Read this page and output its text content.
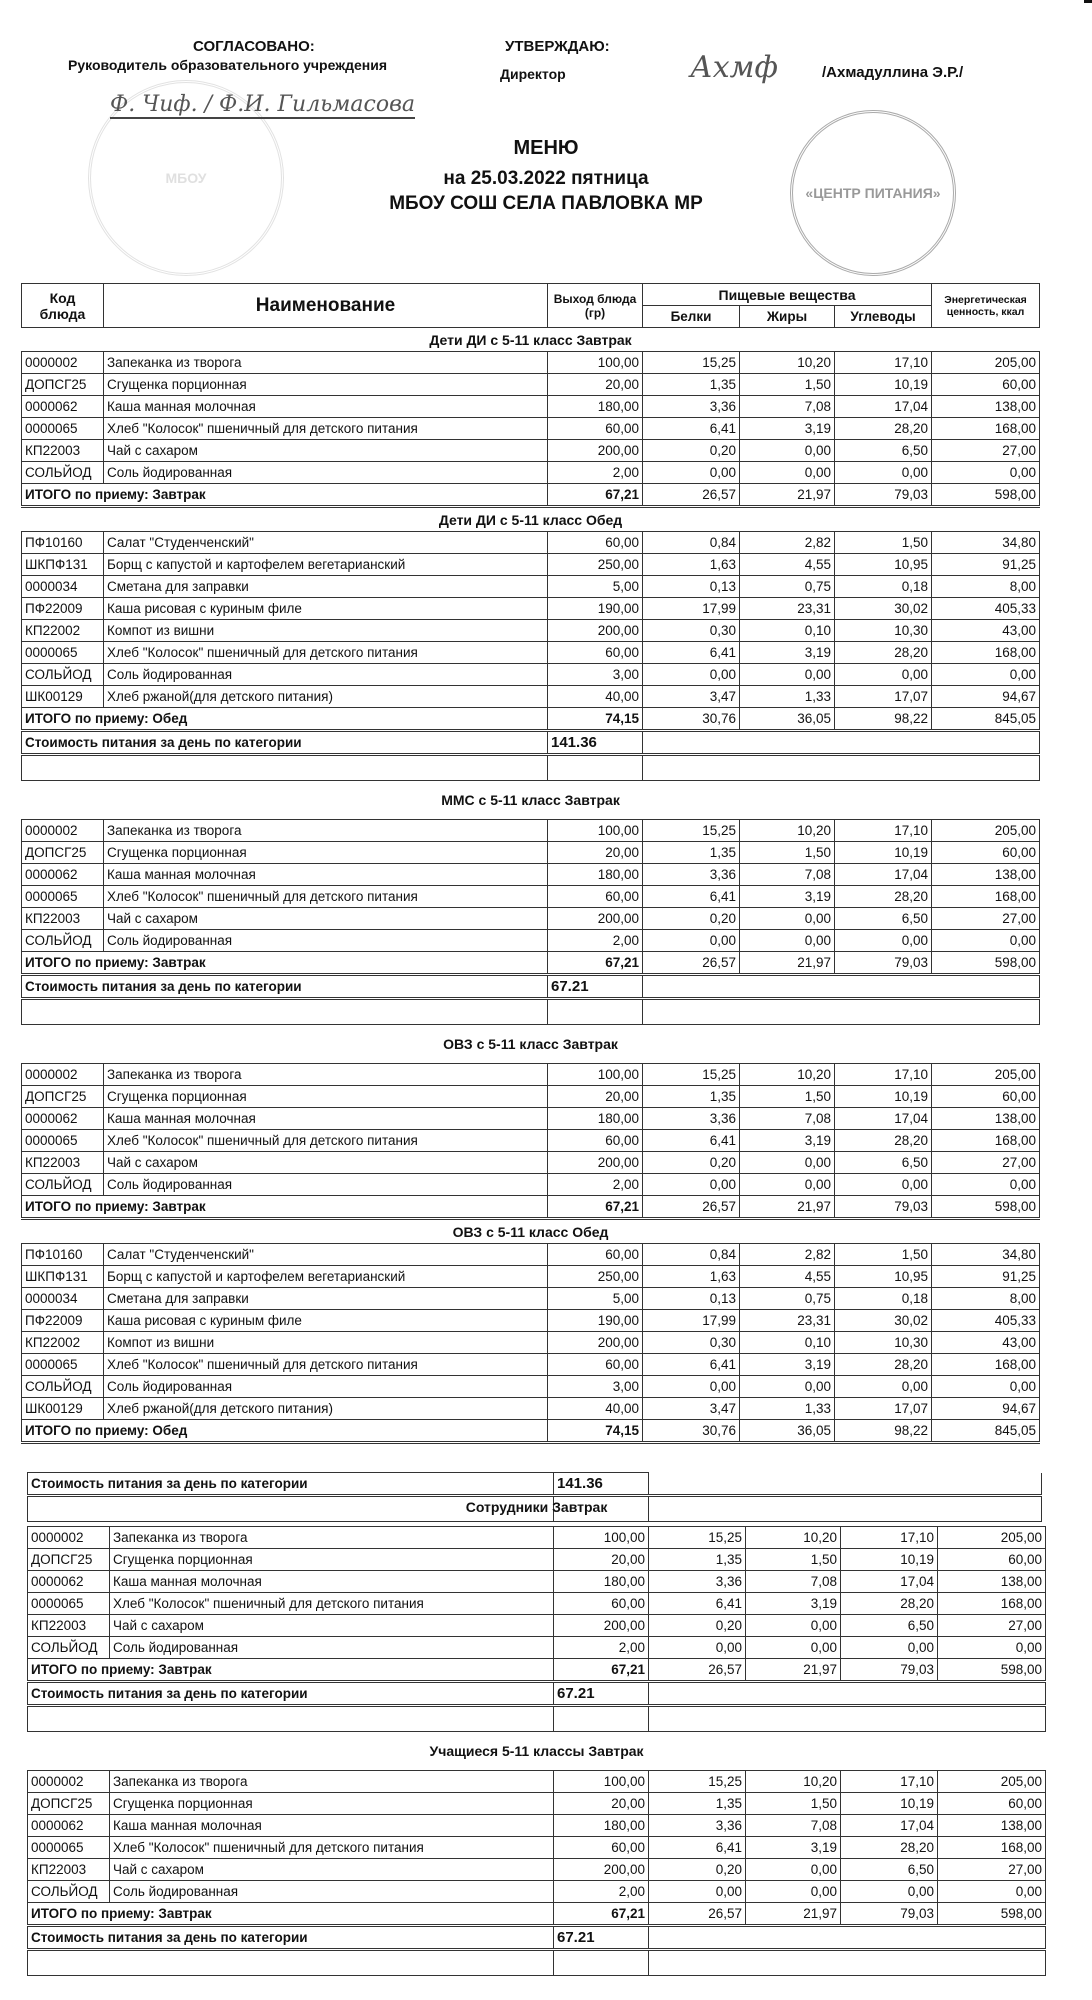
МБОУ
СОГЛАСОВАНО:
Руководитель образовательного учреждения
Ф. Чиф. / Ф.И. Гильмасова
УТВЕРЖДАЮ:
Директор	Ахмф	/Ахмадуллина Э.Р./
«ЦЕНТР ПИТАНИЯ»
МЕНЮ
на 25.03.2022 пятница
МБОУ СОШ СЕЛА ПАВЛОВКА МР
Код блюда	Наименование	Выход блюда (гр)	Пищевые вещества			Энергетическая ценность, ккал
			Белки	Жиры	Углеводы	
Дети ДИ с 5-11 класс Завтрак						
0000002	Запеканка из творога	100,00	15,25	10,20	17,10	205,00
ДОПСГ25	Сгущенка порционная	20,00	1,35	1,50	10,19	60,00
0000062	Каша манная молочная	180,00	3,36	7,08	17,04	138,00
0000065	Хлеб "Колосок" пшеничный для детского питания	60,00	6,41	3,19	28,20	168,00
КП22003	Чай с сахаром	200,00	0,20	0,00	6,50	27,00
СОЛЬЙОД	Соль йодированная	2,00	0,00	0,00	0,00	0,00
ИТОГО по приему: Завтрак		67,21	26,57	21,97	79,03	598,00
Дети ДИ с 5-11 класс Обед						
ПФ10160	Салат "Студенченский"	60,00	0,84	2,82	1,50	34,80
ШКПФ131	Борщ с капустой и картофелем вегетарианский	250,00	1,63	4,55	10,95	91,25
0000034	Сметана для заправки	5,00	0,13	0,75	0,18	8,00
ПФ22009	Каша рисовая с куриным филе	190,00	17,99	23,31	30,02	405,33
КП22002	Компот из вишни	200,00	0,30	0,10	10,30	43,00
0000065	Хлеб "Колосок" пшеничный для детского питания	60,00	6,41	3,19	28,20	168,00
СОЛЬЙОД	Соль йодированная	3,00	0,00	0,00	0,00	0,00
ШК00129	Хлеб ржаной(для детского питания)	40,00	3,47	1,33	17,07	94,67
ИТОГО по приему: Обед		74,15	30,76	36,05	98,22	845,05
Стоимость питания за день по категории		141.36				

ММС с 5-11 класс Завтрак						
0000002	Запеканка из творога	100,00	15,25	10,20	17,10	205,00
ДОПСГ25	Сгущенка порционная	20,00	1,35	1,50	10,19	60,00
0000062	Каша манная молочная	180,00	3,36	7,08	17,04	138,00
0000065	Хлеб "Колосок" пшеничный для детского питания	60,00	6,41	3,19	28,20	168,00
КП22003	Чай с сахаром	200,00	0,20	0,00	6,50	27,00
СОЛЬЙОД	Соль йодированная	2,00	0,00	0,00	0,00	0,00
ИТОГО по приему: Завтрак		67,21	26,57	21,97	79,03	598,00
Стоимость питания за день по категории		67.21				

ОВЗ с 5-11 класс Завтрак						
0000002	Запеканка из творога	100,00	15,25	10,20	17,10	205,00
ДОПСГ25	Сгущенка порционная	20,00	1,35	1,50	10,19	60,00
0000062	Каша манная молочная	180,00	3,36	7,08	17,04	138,00
0000065	Хлеб "Колосок" пшеничный для детского питания	60,00	6,41	3,19	28,20	168,00
КП22003	Чай с сахаром	200,00	0,20	0,00	6,50	27,00
СОЛЬЙОД	Соль йодированная	2,00	0,00	0,00	0,00	0,00
ИТОГО по приему: Завтрак		67,21	26,57	21,97	79,03	598,00
ОВЗ с 5-11 класс Обед						
ПФ10160	Салат "Студенченский"	60,00	0,84	2,82	1,50	34,80
ШКПФ131	Борщ с капустой и картофелем вегетарианский	250,00	1,63	4,55	10,95	91,25
0000034	Сметана для заправки	5,00	0,13	0,75	0,18	8,00
ПФ22009	Каша рисовая с куриным филе	190,00	17,99	23,31	30,02	405,33
КП22002	Компот из вишни	200,00	0,30	0,10	10,30	43,00
0000065	Хлеб "Колосок" пшеничный для детского питания	60,00	6,41	3,19	28,20	168,00
СОЛЬЙОД	Соль йодированная	3,00	0,00	0,00	0,00	0,00
ШК00129	Хлеб ржаной(для детского питания)	40,00	3,47	1,33	17,07	94,67
ИТОГО по приему: Обед		74,15	30,76	36,05	98,22	845,05
Стоимость питания за день по категории	141.36	

Сотрудники Завтрак						
0000002	Запеканка из творога	100,00	15,25	10,20	17,10	205,00
ДОПСГ25	Сгущенка порционная	20,00	1,35	1,50	10,19	60,00
0000062	Каша манная молочная	180,00	3,36	7,08	17,04	138,00
0000065	Хлеб "Колосок" пшеничный для детского питания	60,00	6,41	3,19	28,20	168,00
КП22003	Чай с сахаром	200,00	0,20	0,00	6,50	27,00
СОЛЬЙОД	Соль йодированная	2,00	0,00	0,00	0,00	0,00
ИТОГО по приему: Завтрак		67,21	26,57	21,97	79,03	598,00
Стоимость питания за день по категории		67.21				

Учащиеся 5-11 классы Завтрак						
0000002	Запеканка из творога	100,00	15,25	10,20	17,10	205,00
ДОПСГ25	Сгущенка порционная	20,00	1,35	1,50	10,19	60,00
0000062	Каша манная молочная	180,00	3,36	7,08	17,04	138,00
0000065	Хлеб "Колосок" пшеничный для детского питания	60,00	6,41	3,19	28,20	168,00
КП22003	Чай с сахаром	200,00	0,20	0,00	6,50	27,00
СОЛЬЙОД	Соль йодированная	2,00	0,00	0,00	0,00	0,00
ИТОГО по приему: Завтрак		67,21	26,57	21,97	79,03	598,00
Стоимость питания за день по категории		67.21				
